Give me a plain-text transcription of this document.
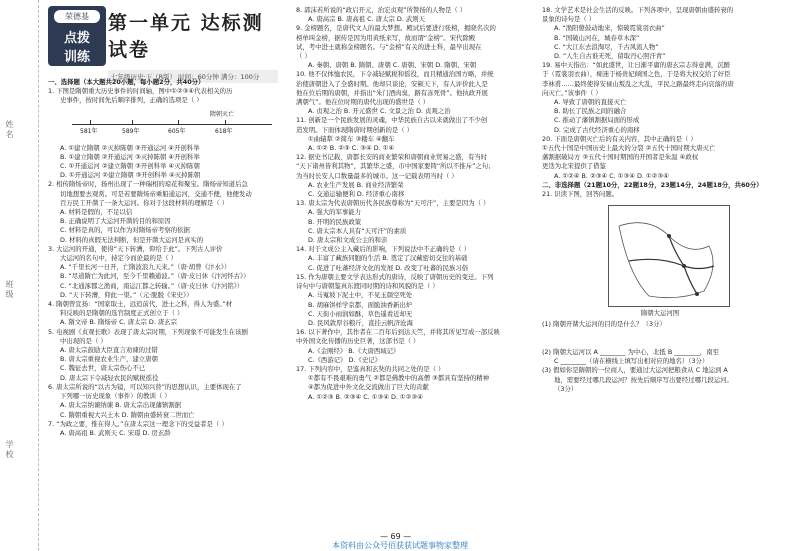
姓名
班级
学校
荣德基
点拨
训练
第一单元 达标测试卷
七年级历史·下（R版） 时间：60分钟 满分：100分

一、选择题（本大题共20小题，每小题2分，共40分）

1. 下图是隋朝重大历史事件的时间轴，图中①②③④代表相关的历

史事件，按时间先后顺序排列，正确的选项是（ ）

隋朝灭亡
581年	589年	605年	618年

A. ①建立隋朝 ②灭掉陈朝 ③开通运河 ④开创科举

B. ①建立隋朝 ②开通运河 ③灭掉陈朝 ④开创科举

C. ①开通运河 ②建立隋朝 ③开创科举 ④灭掉陈朝

D. ①开通运河 ②建立隋朝 ③开创科举 ④灭掉陈朝

2. 相传隋炀帝时，扬州出现了一种瑞相的琼花和聚宝。隋炀帝知道后急

切地想要去观赏。可是若要隋炀帝乘船通运河，交通不便，他便发动

百万民工开凿了一条大运河。你对于这段材料的理解是（ ）

A. 材料是假的，不足以信

B. 正确说明了大运河开凿的目的和原因

C. 材料是真的，可以作为对隋炀帝考察的依据

D. 材料的真假无法判断，但是开凿大运河是真实的

3. 大运河的开通，使得“天下转漕，仰给于此”。下列古人评价

大运河的名句中，持定今而论最的是（ ）

A. “千里长河一日开，亡隋波浪九天来。”（唐·胡曾《汴水》）

B. “尽道隋亡为此河，至今千里赖通波。”（唐·皮日休《汴河怀古》）

C. “北通涿郡之渔商，南运江都之转输。”（唐·皮日休《汴河铭》）

D. “天下转漕，仰此一渠。”（元·脱脱《宋史》）

4. 隋朝曾宣扬：“国家取士，远追前代，进士之科，得人为盛。”材

料反映的是隋朝的选官制度正式创立于（ ）

A. 隋文帝 B. 隋炀帝 C. 唐太宗 D. 唐玄宗

5. 电视剧《贞观长歌》表现了唐太宗时期，下列现象不可能发生在该剧

中出现的是（ ）

A. 唐太宗鼓励大臣直言劝谏的过错

B. 唐太宗重视农业生产，建立唐朝

C. 魏征去世，唐太宗伤心不已

D. 唐太宗下令减轻农民的赋税徭役

6. 唐太宗所说的“以古为镜，可以知兴替”的思想认识，主要体现在了

下列哪一历史现象（事件）的教训（ ）

A. 唐太宗纳谏纳谏 B. 唐太宗出现藩镇割据

C. 隋朝重视大兴土木 D. 隋朝由盛转衰二世而亡

7. “为政之要，惟在得人。”在唐太宗这一理念下的受益者是（ ）

A. 唐高祖 B. 武则天 C. 宋璟 D. 房玄龄

8. 郭沫若所说的“政启开元，治宏贞观”所赞扬的人物是（ ）

A. 唐高宗 B. 唐高祖 C. 唐太宗 D. 武则天

9. 金榜题名，是唐代文人的最大梦想。殿试后要进行张榜，揭晓名次的

榜单叫金榜，据传是因为用黄纸来写，故而谓“金榜”。宋代除殿

试，考中进士就称金榜题名。与“金榜”有关的进士科，最早出现在

（ ）

A. 秦朝、唐朝 B. 隋朝、唐朝 C. 唐朝、宋朝 D. 隋朝、宋朝

10. 他不仅体恤农民，下令减轻赋税和徭役，而且精通治国方略，并统

治使唐朝进入了全盛时期。他却只谈论，安顿天下，有人评价此人是

他在位后期的唐朝，并指出“朱门酒肉臭，路有冻死骨”。他执政开展

满朝气”。他在位时期的唐代出现的盛世是（ ）

A. 贞观之治 B. 开元盛世 C. 文景之治 D. 贞观之治

11. 创新是一个民族发展的灵魂，中华民族自古以来就做出了不少创

造发明。下面体现隋唐时期创新的是（ ）

①曲辕犁 ②简车 ③耧车 ④翻车

A. ①② B. ②③ C. ③④ D. ①④

12. 据史书记载，唐都长安的商业繁荣和唐朝商业贸易之盛，有当时

“天下诸州皆利其物”，其繁华之盛，市中国家要铸“所以不推斥”之句；

为当时长安人口数量最多的城市。这一记载表明当时（ ）

A. 农业生产发展 B. 商业经济繁荣

C. 交通运输便利 D. 经济重心南移

13. 唐太宗为代表唐朝历代各民族尊称为“天可汗”，主要是因为（ ）

A. 强大的军事能力

B. 开明的民族政策

C. 唐太宗本人具有“天可汗”的素质

D. 唐太宗和文成公主的和亲

14. 对于文成公主入藏后的影响，下列说法中不正确的是（ ）

A. 丰富了藏族同胞的生活 B. 奠定了汉藏密切交往的基础

C. 促进了吐蕃经济文化的发展 D. 改变了吐蕃的民族习俗

15. 作为唐朝主要文学表达形式的唐诗，反映了唐朝历史的变迁。下列

诗句中与唐朝鉴真东渡同时期的诗和风貌的是（ ）

A. 马嵬坡下泥土中，不见玉颜空死处

B. 胡麻饼样学京都，面脆油香新出炉

C. 天街小雨润如酥，草色遥看近却无

D. 民风敦厚谷粮斤，直挂云帆济沧海

16. 以下著作中，其作者在二百年后到达天竺，并将其所见写成一部反映

中外国文化传播的历史巨著，这部书是（ ）

A.《金刚经》 B.《大唐西域记》

C.《西游记》 D.《史记》

17. 下列内容中，是鉴真和玄奘的共同之处的是（ ）

①都有不畏艰难的勇气 ②都是佛教中的高僧 ③都具有坚持的精神

④都为促进中外文化交流做出了巨大的贡献

A. ①②③ B. ②③④ C. ①③④ D. ①②③④

18. 文学艺术是社会生活的反映。下列各项中，呈现唐朝由盛转衰的

景象的诗句是（ ）

A. “渔阳鼙鼓动地来，惊破霓裳羽衣曲”

B. “国破山河在，城春草木深”

C. “大江东去浪淘尽，千古风流人物”

D. “人生自古谁无死，留取丹心照汗青”

19. 易中天指出：“如此盛世，让日渐平庸的唐玄宗志得意满，沉醉

于（霓裳羽衣曲），痴迷于杨贵妃倾国之色，于是将大权交给了奸臣

李林甫……最终使得安禄山叛乱之大乱，平民之路最终走向哀落的唐

向灭亡。”该事件（ ）

A. 导致了唐朝的直接灭亡

B. 助长了民族之间的融合

C. 推动了藩镇割据局面的形成

D. 完成了古代经济重心的南移

20. 下面是唐朝灭亡后的有关内容，其中正确的是（ ）

①五代十国是中国历史上最大的分裂 ②五代十国时期大唐灭亡

藩割据破局方 ③五代十国时期国的开国者是朱温 ④政权

更迭为北宋提供了借鉴

A. ①②④ B. ②③④ C. ①③④ D. ①②③④

二、非选择题（21题10分，22题18分，23题14分，24题18分，共60分）

21. 识读下图，回答问题。

隋朝大运河图

(1) 隋朝开凿大运河的目的是什么？（3分）

(2) 隋朝大运河以 A ________ 为中心，北抵 B ________，南至

C ________（请在横线上填写出相对应的地名）（3分）

(3) 假如你是隋朝的一位商人，要通过大运河把粮食从 C 地运到 A

地，需要经过哪几段运河？按先后顺序写出要经过哪几段运河。

（3分）

— 69 —
本资料由公众号佰获获试题事物家整理
